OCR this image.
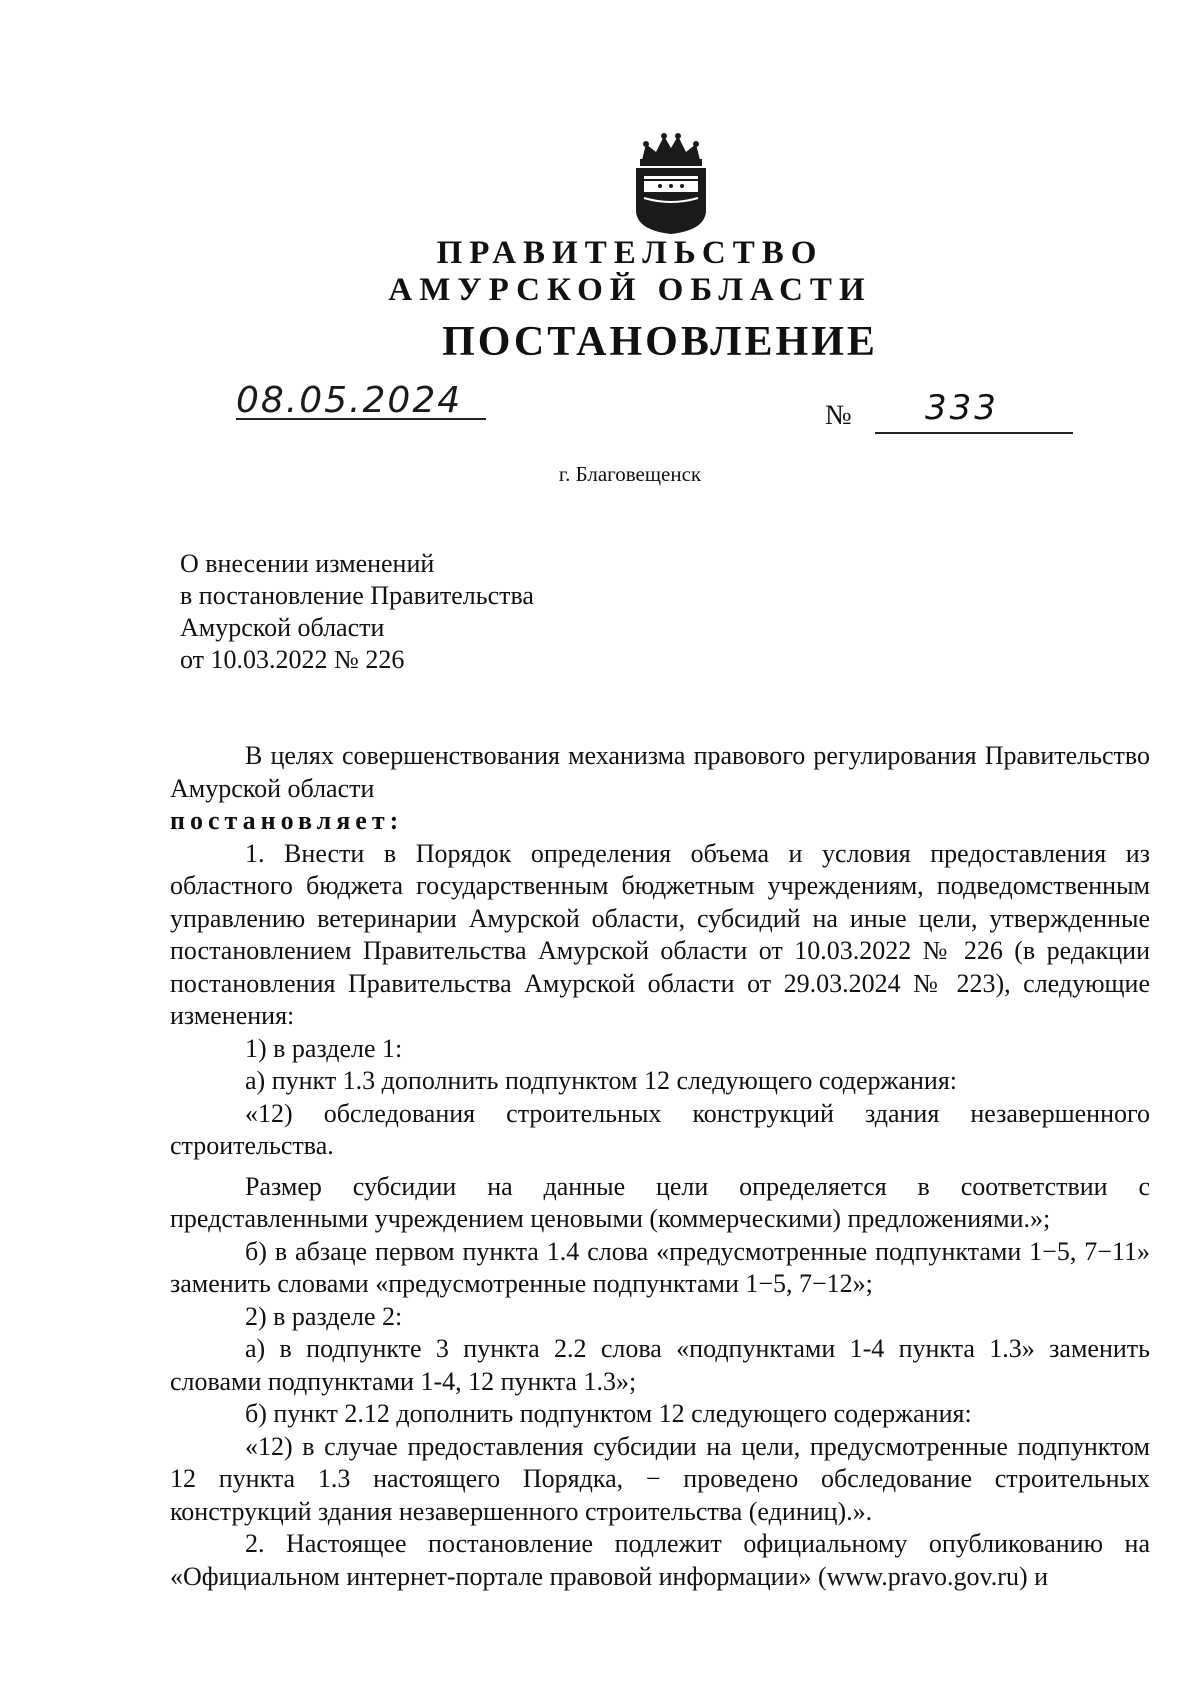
ПРАВИТЕЛЬСТВО
АМУРСКОЙ ОБЛАСТИ
ПОСТАНОВЛЕНИЕ
08.05.2024	№ 333
г. Благовещенск
О внесении изменений
в постановление Правительства
Амурской области
от 10.03.2022 № 226

В целях совершенствования механизма правового регулирования Правительство Амурской области

постановляет:

1. Внести в Порядок определения объема и условия предоставления из областного бюджета государственным бюджетным учреждениям, подведомственным управлению ветеринарии Амурской области, субсидий на иные цели, утвержденные постановлением Правительства Амурской области от 10.03.2022 № 226 (в редакции постановления Правительства Амурской области от 29.03.2024 № 223), следующие изменения:

1) в разделе 1:

а) пункт 1.3 дополнить подпунктом 12 следующего содержания:

«12) обследования строительных конструкций здания незавершенного строительства.

Размер субсидии на данные цели определяется в соответствии с представленными учреждением ценовыми (коммерческими) предложениями.»;

б) в абзаце первом пункта 1.4 слова «предусмотренные подпунктами 1−5, 7−11» заменить словами «предусмотренные подпунктами 1−5, 7−12»;

2) в разделе 2:

а) в подпункте 3 пункта 2.2 слова «подпунктами 1-4 пункта 1.3» заменить словами подпунктами 1-4, 12 пункта 1.3»;

б) пункт 2.12 дополнить подпунктом 12 следующего содержания:

«12) в случае предоставления субсидии на цели, предусмотренные подпунктом 12 пункта 1.3 настоящего Порядка, − проведено обследование строительных конструкций здания незавершенного строительства (единиц).».

2. Настоящее постановление подлежит официальному опубликованию на «Официальном интернет-портале правовой информации» (www.pravo.gov.ru) и
